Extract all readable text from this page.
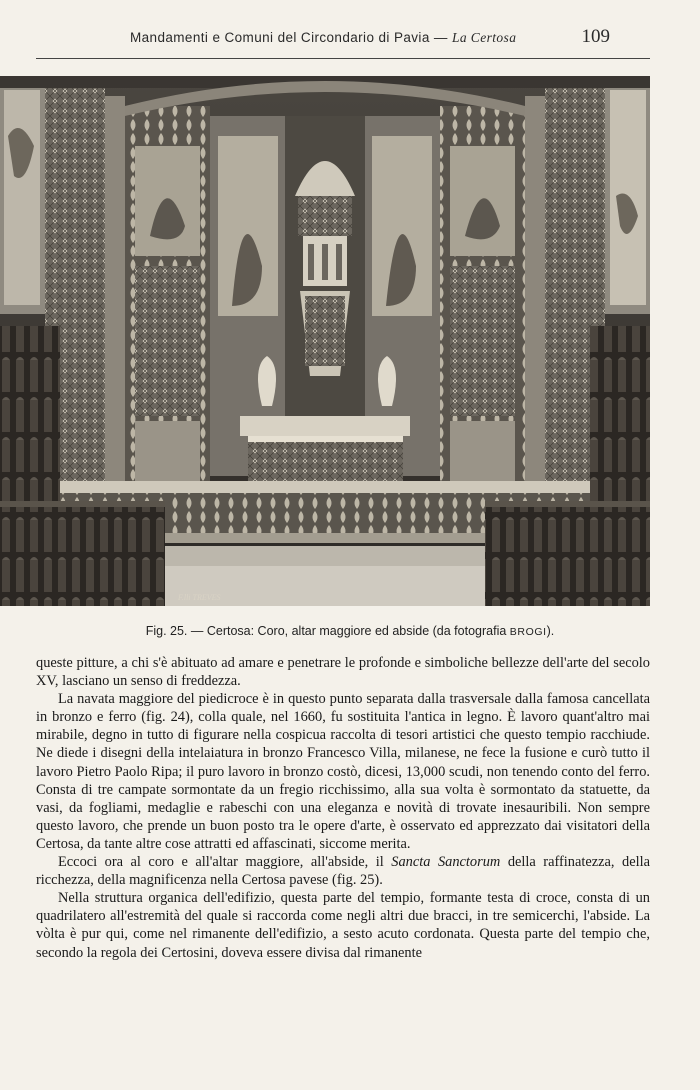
Mandamenti e Comuni del Circondario di Pavia — La Certosa	109
F.lli TREVES
Fig. 25. — Certosa: Coro, altar maggiore ed abside (da fotografia BROGI).

queste pitture, a chi s'è abituato ad amare e penetrare le profonde e simboliche bellezze dell'arte del secolo XV, lasciano un senso di freddezza.

La navata maggiore del piedicroce è in questo punto separata dalla trasversale dalla famosa cancellata in bronzo e ferro (fig. 24), colla quale, nel 1660, fu sostituita l'antica in legno. È lavoro quant'altro mai mirabile, degno in tutto di figurare nella cospicua raccolta di tesori artistici che questo tempio racchiude. Ne diede i disegni della intelaiatura in bronzo Francesco Villa, milanese, ne fece la fusione e curò tutto il lavoro Pietro Paolo Ripa; il puro lavoro in bronzo costò, dicesi, 13,000 scudi, non tenendo conto del ferro. Consta di tre campate sormontate da un fregio ricchissimo, alla sua volta è sormontato da statuette, da vasi, da fogliami, medaglie e rabeschi con una eleganza e novità di trovate inesauribili. Non sempre questo lavoro, che prende un buon posto tra le opere d'arte, è osservato ed apprezzato dai visitatori della Certosa, da tante altre cose attratti ed affascinati, siccome merita.

Eccoci ora al coro e all'altar maggiore, all'abside, il Sancta Sanctorum della raffinatezza, della ricchezza, della magnificenza nella Certosa pavese (fig. 25).

Nella struttura organica dell'edifizio, questa parte del tempio, formante testa di croce, consta di un quadrilatero all'estremità del quale si raccorda come negli altri due bracci, in tre semicerchi, l'abside. La vòlta è pur qui, come nel rimanente dell'edifizio, a sesto acuto cordonata. Questa parte del tempio che, secondo la regola dei Certosini, doveva essere divisa dal rimanente
